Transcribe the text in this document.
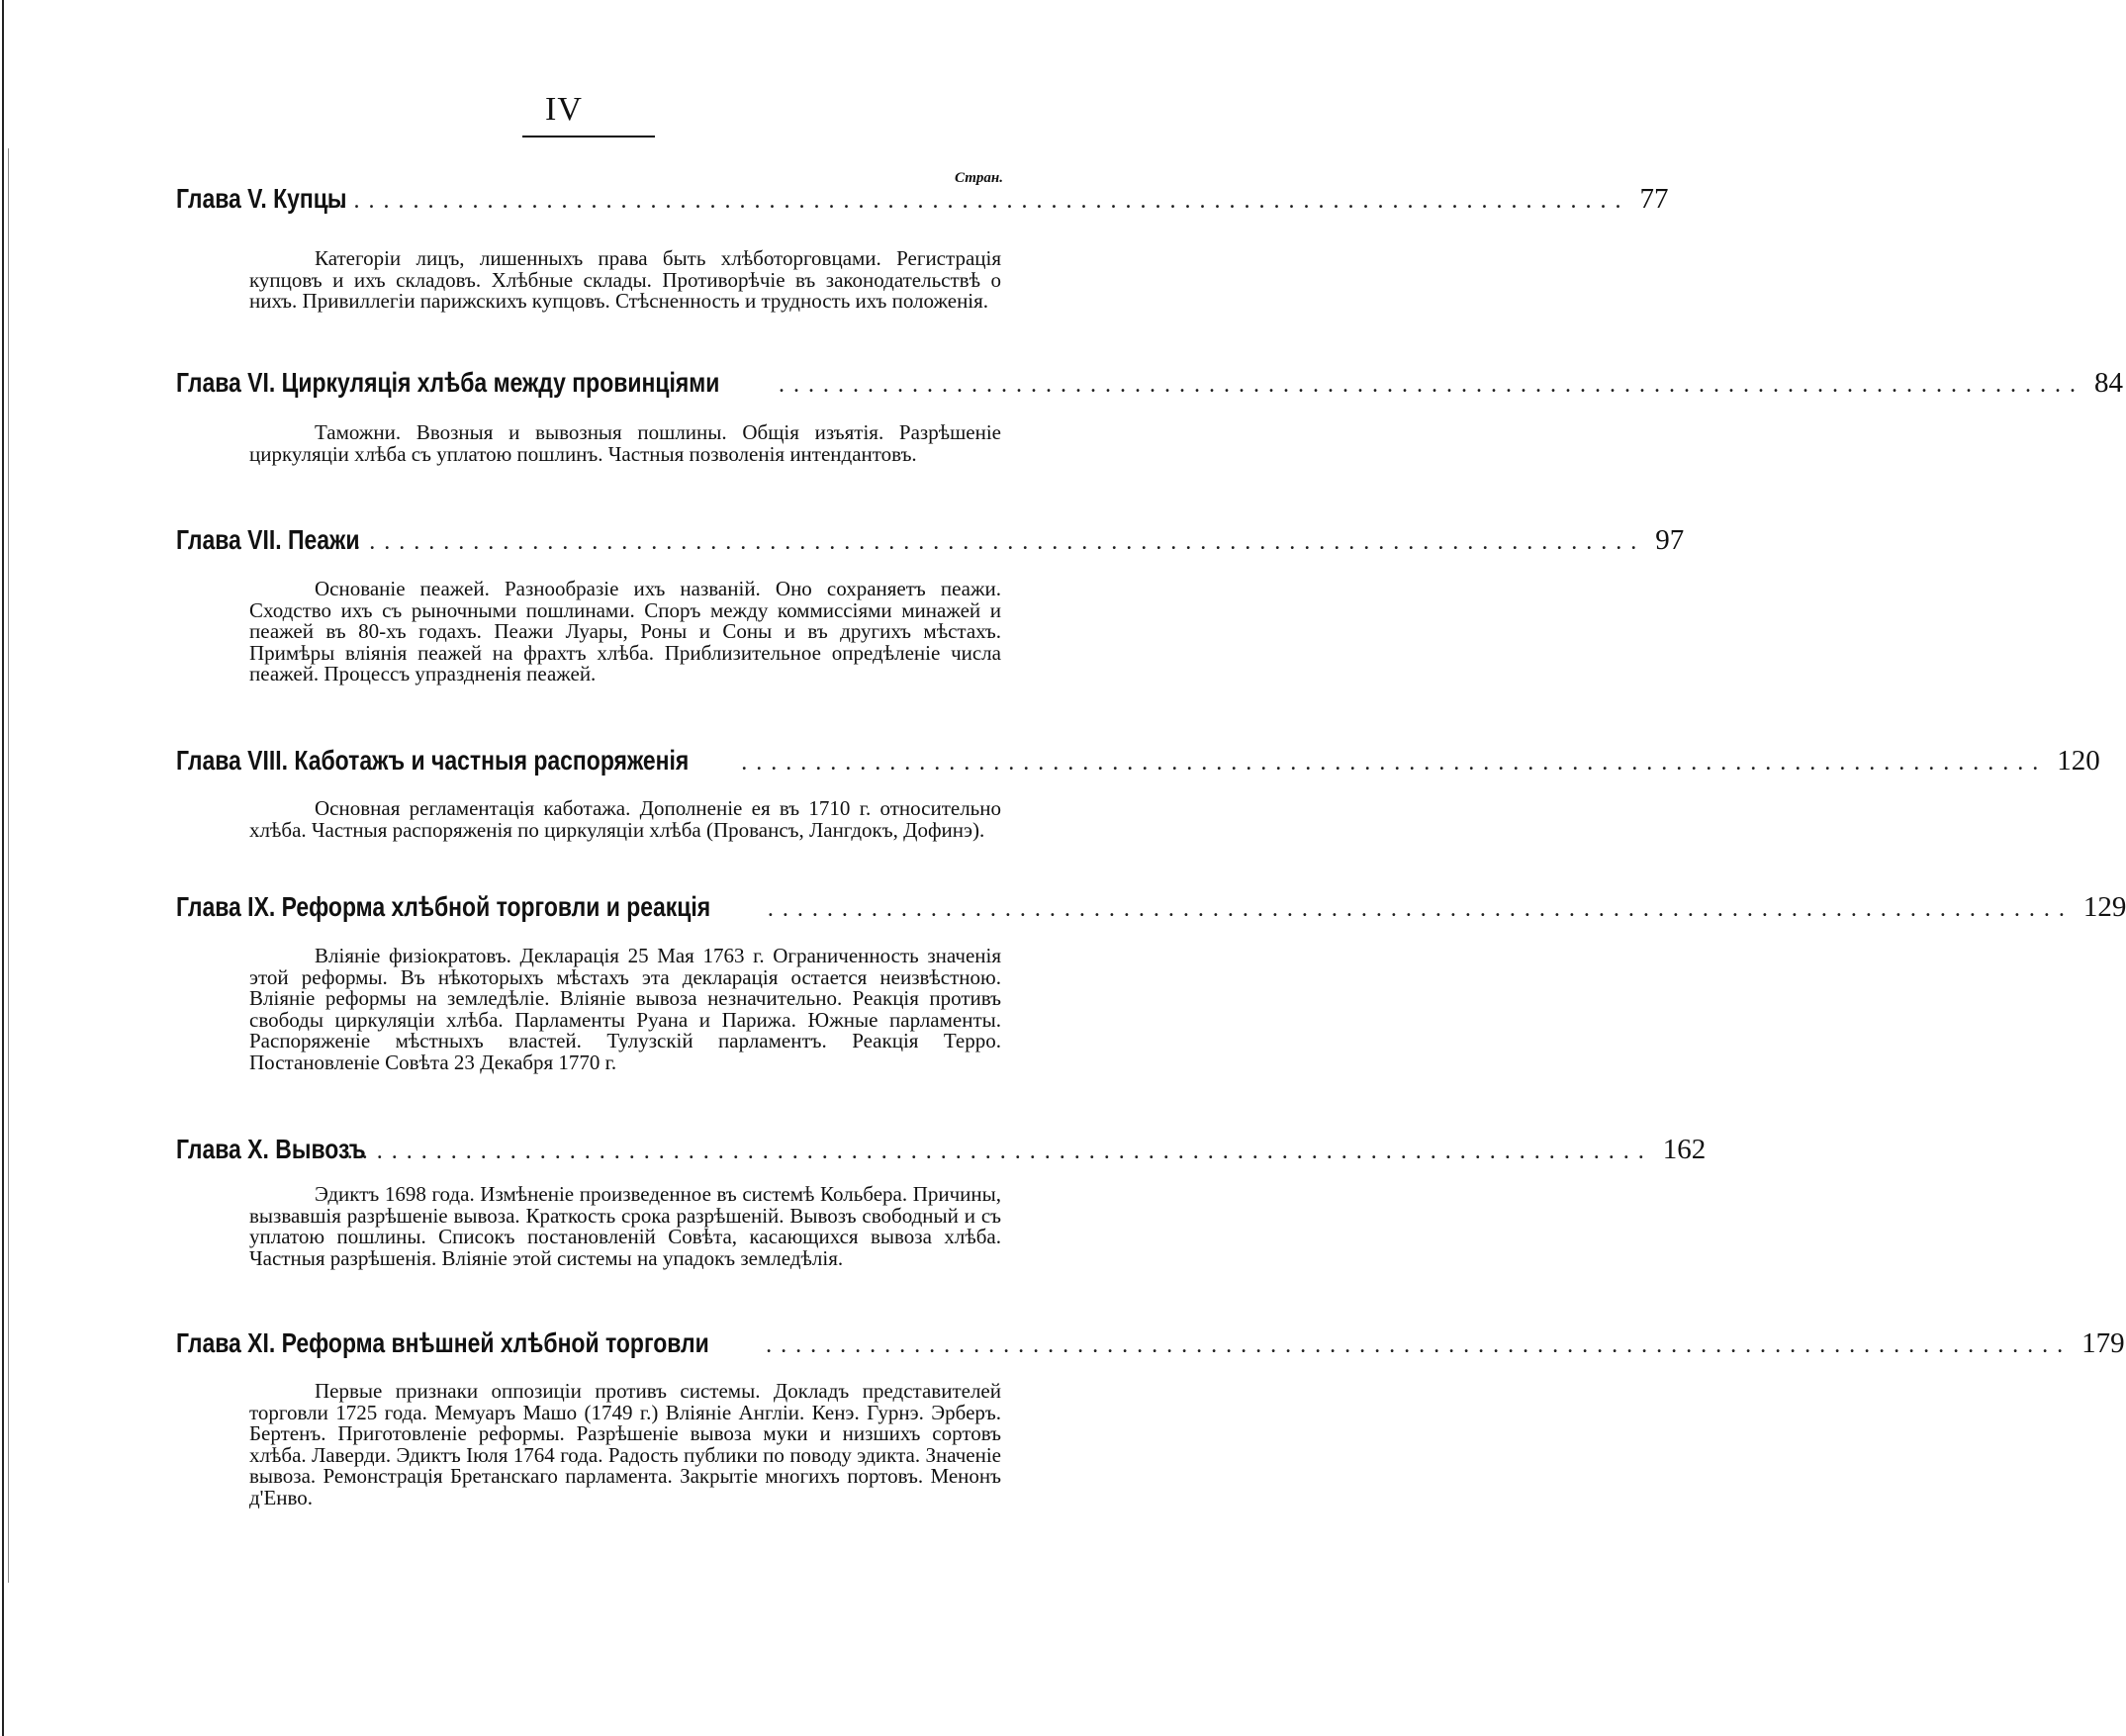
IV
Стран.
Глава V. Купцы
........................................................................................ 77

Категоріи лицъ, лишенныхъ права быть хлѣботорговцами. Регистрація купцовъ и ихъ складовъ. Хлѣбные склады. Противорѣчіе въ законодательствѣ о нихъ. Привиллегіи парижскихъ купцовъ. Стѣсненность и трудность ихъ положенія.

Глава VI. Циркуляція хлѣба между провинціями ........................................................................................ 84

Таможни. Ввозныя и вывозныя пошлины. Общія изъятія. Разрѣшеніе циркуляціи хлѣба съ уплатою пошлинъ. Частныя позволенія интендантовъ.

Глава VII. Пеажи
........................................................................................ 97

Основаніе пеажей. Разнообразіе ихъ названій. Оно сохраняетъ пеажи. Сходство ихъ съ рыночными пошлинами. Споръ между коммиссіями минажей и пеажей въ 80-хъ годахъ. Пеажи Луары, Роны и Соны и въ другихъ мѣстахъ. Примѣры вліянія пеажей на фрахтъ хлѣба. Приблизительное опредѣленіе числа пеажей. Процессъ упраздненія пеажей.

Глава VIII. Каботажъ и частныя распоряженія ........................................................................................ 120

Основная регламентація каботажа. Дополненіе ея въ 1710 г. относительно хлѣба. Частныя распоряженія по циркуляціи хлѣба (Провансъ, Лангдокъ, Дофинэ).

Глава IX. Реформа хлѣбной торговли и реакція ........................................................................................ 129

Вліяніе физіократовъ. Декларація 25 Мая 1763 г. Ограниченность значенія этой реформы. Въ нѣкоторыхъ мѣстахъ эта декларація остается неизвѣстною. Вліяніе реформы на земледѣліе. Вліяніе вывоза незначительно. Реакція противъ свободы циркуляціи хлѣба. Парламенты Руана и Парижа. Южные парламенты. Распоряженіе мѣстныхъ властей. Тулузскій парламентъ. Реакція Терро. Постановленіе Совѣта 23 Декабря 1770 г.

Глава X. Вывозъ
........................................................................................ 162

Эдиктъ 1698 года. Измѣненіе произведенное въ системѣ Кольбера. Причины, вызвавшія разрѣшеніе вывоза. Краткость срока разрѣшеній. Вывозъ свободный и съ уплатою пошлины. Списокъ постановленій Совѣта, касающихся вывоза хлѣба. Частныя разрѣшенія. Вліяніе этой системы на упадокъ земледѣлія.

Глава XI. Реформа внѣшней хлѣбной торговли ........................................................................................ 179

Первые признаки оппозиціи противъ системы. Докладъ представителей торговли 1725 года. Мемуаръ Машо (1749 г.) Вліяніе Англіи. Кенэ. Гурнэ. Эрберъ. Бертенъ. Приготовленіе реформы. Разрѣшеніе вывоза муки и низшихъ сортовъ хлѣба. Лаверди. Эдиктъ Іюля 1764 года. Радость публики по поводу эдикта. Значеніе вывоза. Ремонстрація Бретанскаго парламента. Закрытіе многихъ портовъ. Менонъ д'Енво.
